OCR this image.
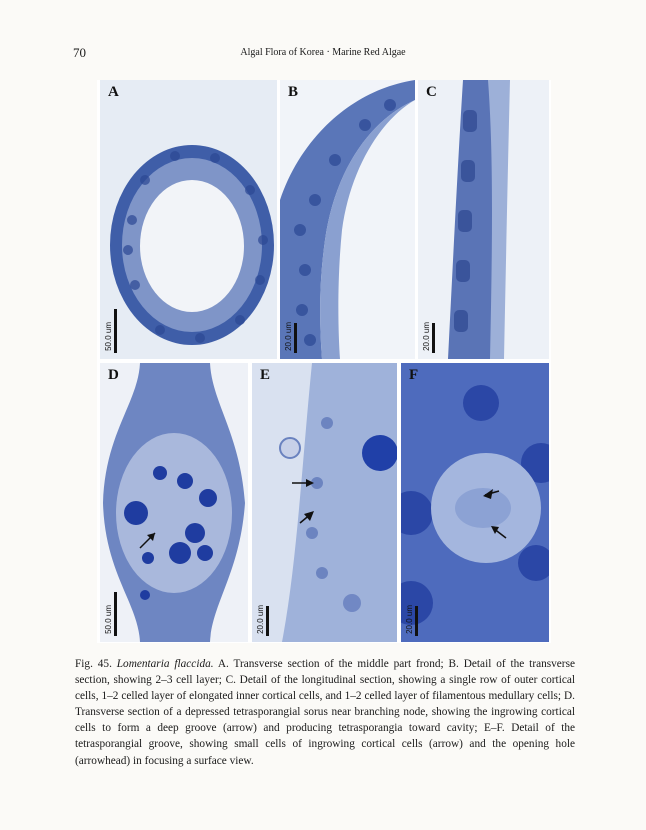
70	Algal Flora of Korea · Marine Red Algae
A
50.0 um
B
20.0 um
C
20.0 um
D
50.0 um
E
20.0 um
F
20.0 um
Fig. 45. Lomentaria flaccida. A. Transverse section of the middle part frond; B. Detail of the transverse section, showing 2–3 cell layer; C. Detail of the longitudinal section, showing a single row of outer cortical cells, 1–2 celled layer of elongated inner cortical cells, and 1–2 celled layer of filamentous medullary cells; D. Transverse section of a depressed tetrasporangial sorus near branching node, showing the ingrowing cortical cells to form a deep groove (arrow) and producing tetrasporangia toward cavity; E–F. Detail of the tetrasporangial groove, showing small cells of ingrowing cortical cells (arrow) and the opening hole (arrowhead) in focusing a surface view.
